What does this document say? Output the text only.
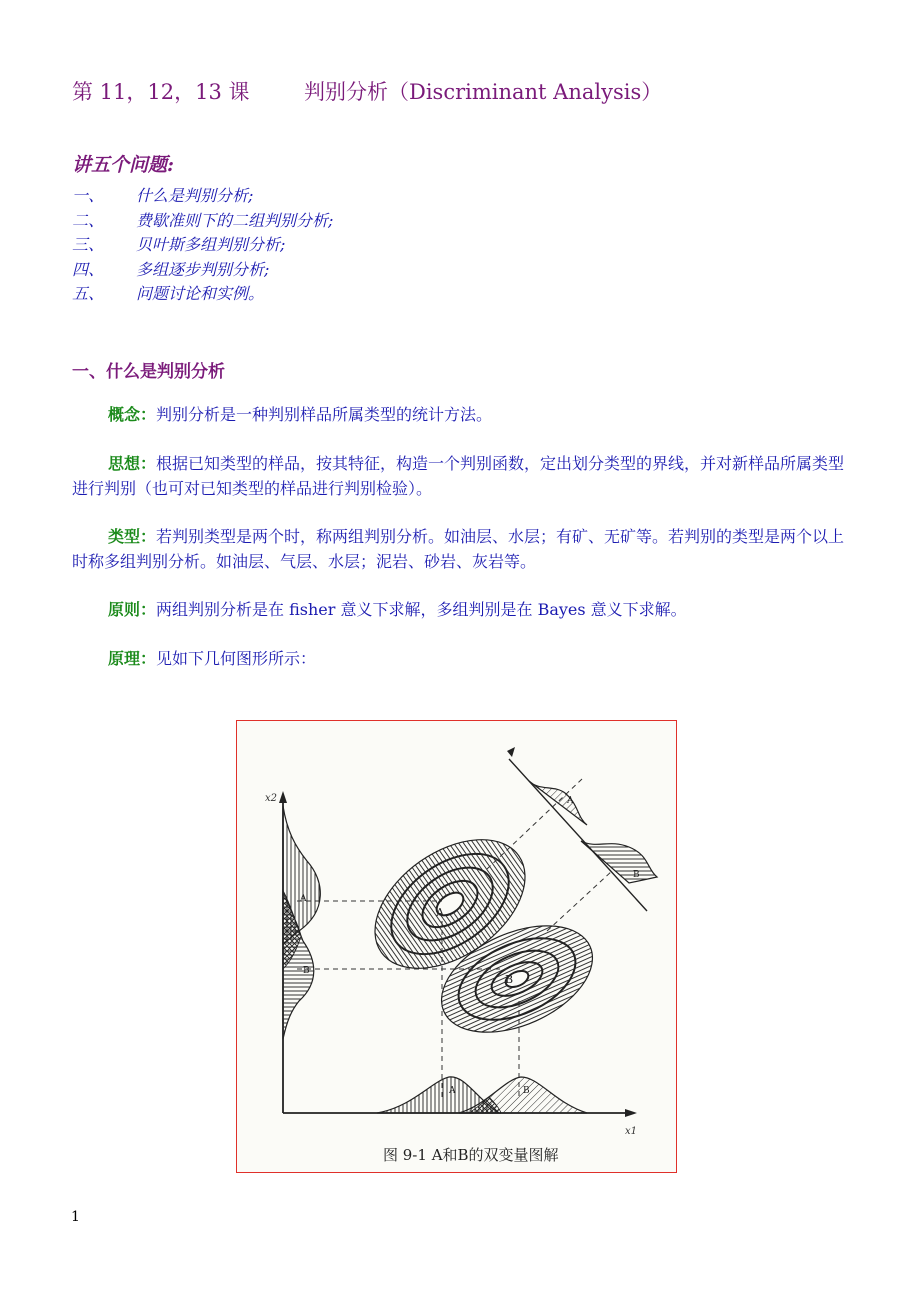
第 11，12，13 课	判别分析（Discriminant Analysis）
讲五个问题:
一、 什么是判别分析;
二、 费歇准则下的二组判别分析;
三、 贝叶斯多组判别分析;
四、 多组逐步判别分析;
五、 问题讨论和实例。
一、什么是判别分析
概念：判别分析是一种判别样品所属类型的统计方法。
思想：根据已知类型的样品，按其特征，构造一个判别函数，定出划分类型的界线，并对新样品所属类型进行判别（也可对已知类型的样品进行判别检验）。
类型：若判别类型是两个时，称两组判别分析。如油层、水层；有矿、无矿等。若判别的类型是两个以上时称多组判别分析。如油层、气层、水层；泥岩、砂岩、灰岩等。
原则：两组判别分析是在 fisher 意义下求解，多组判别是在 Bayes 意义下求解。
原理：见如下几何图形所示：
x2
x1
A
B
A
B
A	B
A
B
图 9-1 A和B的双变量图解
1
